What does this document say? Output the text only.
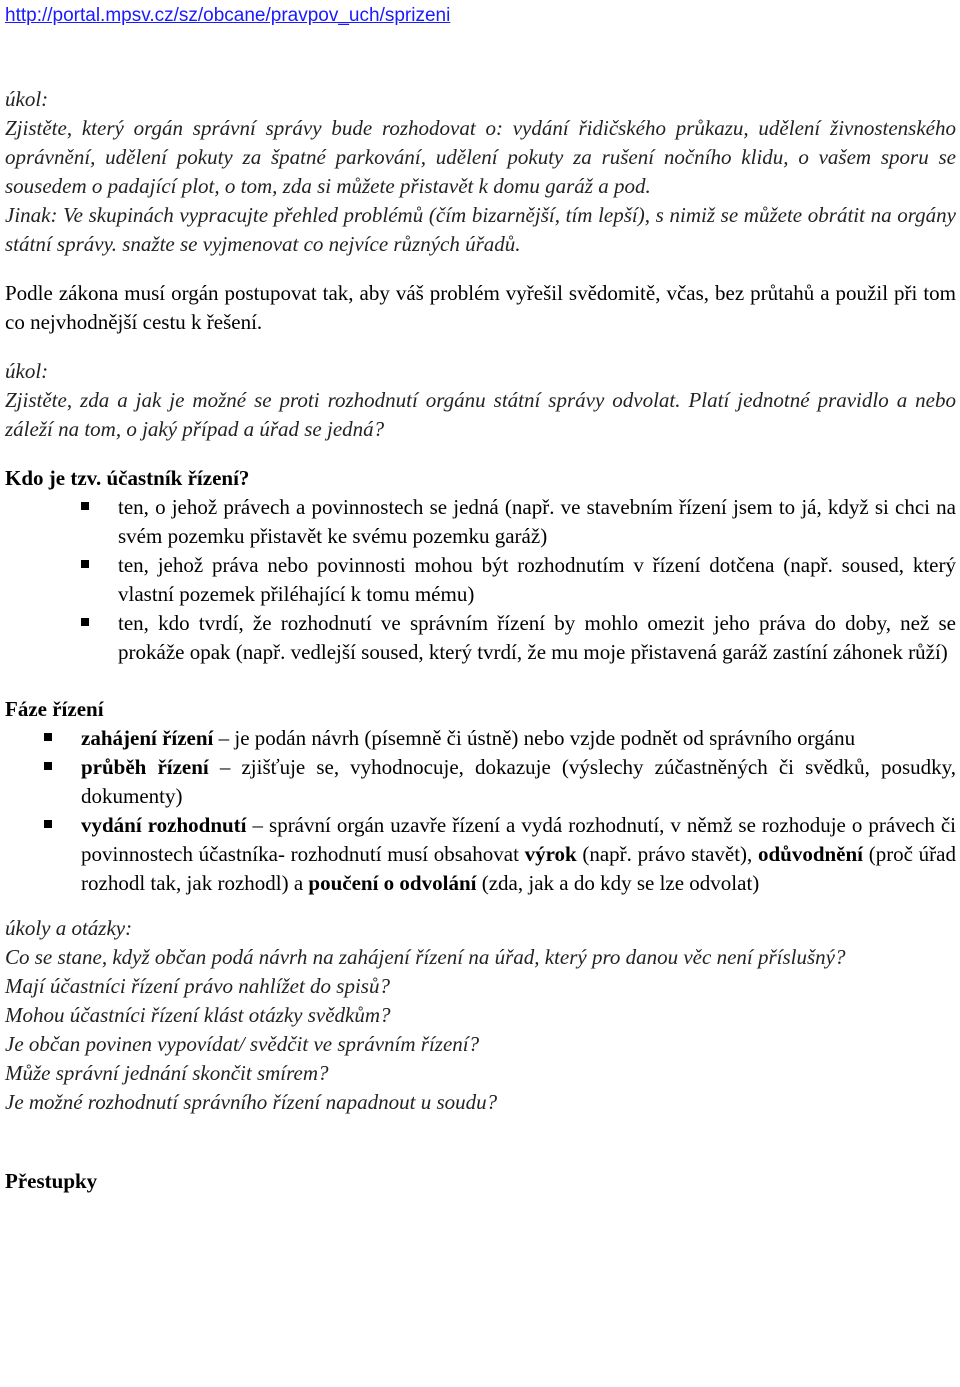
http://portal.mpsv.cz/sz/obcane/pravpov_uch/sprizeni

úkol:

Zjistěte, který orgán správní správy bude rozhodovat o: vydání řidičského průkazu, udělení živnostenského oprávnění, udělení pokuty za špatné parkování, udělení pokuty za rušení nočního klidu, o vašem sporu se sousedem o padající plot, o tom, zda si můžete přistavět k domu garáž a pod.

Jinak: Ve skupinách vypracujte přehled problémů (čím bizarnější, tím lepší), s nimiž se můžete obrátit na orgány státní správy. snažte se vyjmenovat co nejvíce různých úřadů.

Podle zákona musí orgán postupovat tak, aby váš problém vyřešil svědomitě, včas, bez průtahů a použil při tom co nejvhodnější cestu k řešení.

úkol:

Zjistěte, zda a jak je možné se proti rozhodnutí orgánu státní správy odvolat. Platí jednotné pravidlo a nebo záleží na tom, o jaký případ a úřad se jedná?

Kdo je tzv. účastník řízení?

ten, o jehož právech a povinnostech se jedná (např. ve stavebním řízení jsem to já, když si chci na svém pozemku přistavět ke svému pozemku garáž)
ten, jehož práva nebo povinnosti mohou být rozhodnutím v řízení dotčena (např. soused, který vlastní pozemek přiléhající k tomu mému)
ten, kdo tvrdí, že rozhodnutí ve správním řízení by mohlo omezit jeho práva do doby, než se prokáže opak (např. vedlejší soused, který tvrdí, že mu moje přistavená garáž zastíní záhonek růží)

Fáze řízení

zahájení řízení – je podán návrh (písemně či ústně) nebo vzjde podnět od správního orgánu
průběh řízení – zjišťuje se, vyhodnocuje, dokazuje (výslechy zúčastněných či svědků, posudky, dokumenty)
vydání rozhodnutí – správní orgán uzavře řízení a vydá rozhodnutí, v němž se rozhoduje o právech či povinnostech účastníka- rozhodnutí musí obsahovat výrok (např. právo stavět), odůvodnění (proč úřad rozhodl tak, jak rozhodl) a poučení o odvolání (zda, jak a do kdy se lze odvolat)

úkoly a otázky:

Co se stane, když občan podá návrh na zahájení řízení na úřad, který pro danou věc není příslušný?

Mají účastníci řízení právo nahlížet do spisů?

Mohou účastníci řízení klást otázky svědkům?

Je občan povinen vypovídat/ svědčit ve správním řízení?

Může správní jednání skončit smírem?

Je možné rozhodnutí správního řízení napadnout u soudu?

Přestupky
